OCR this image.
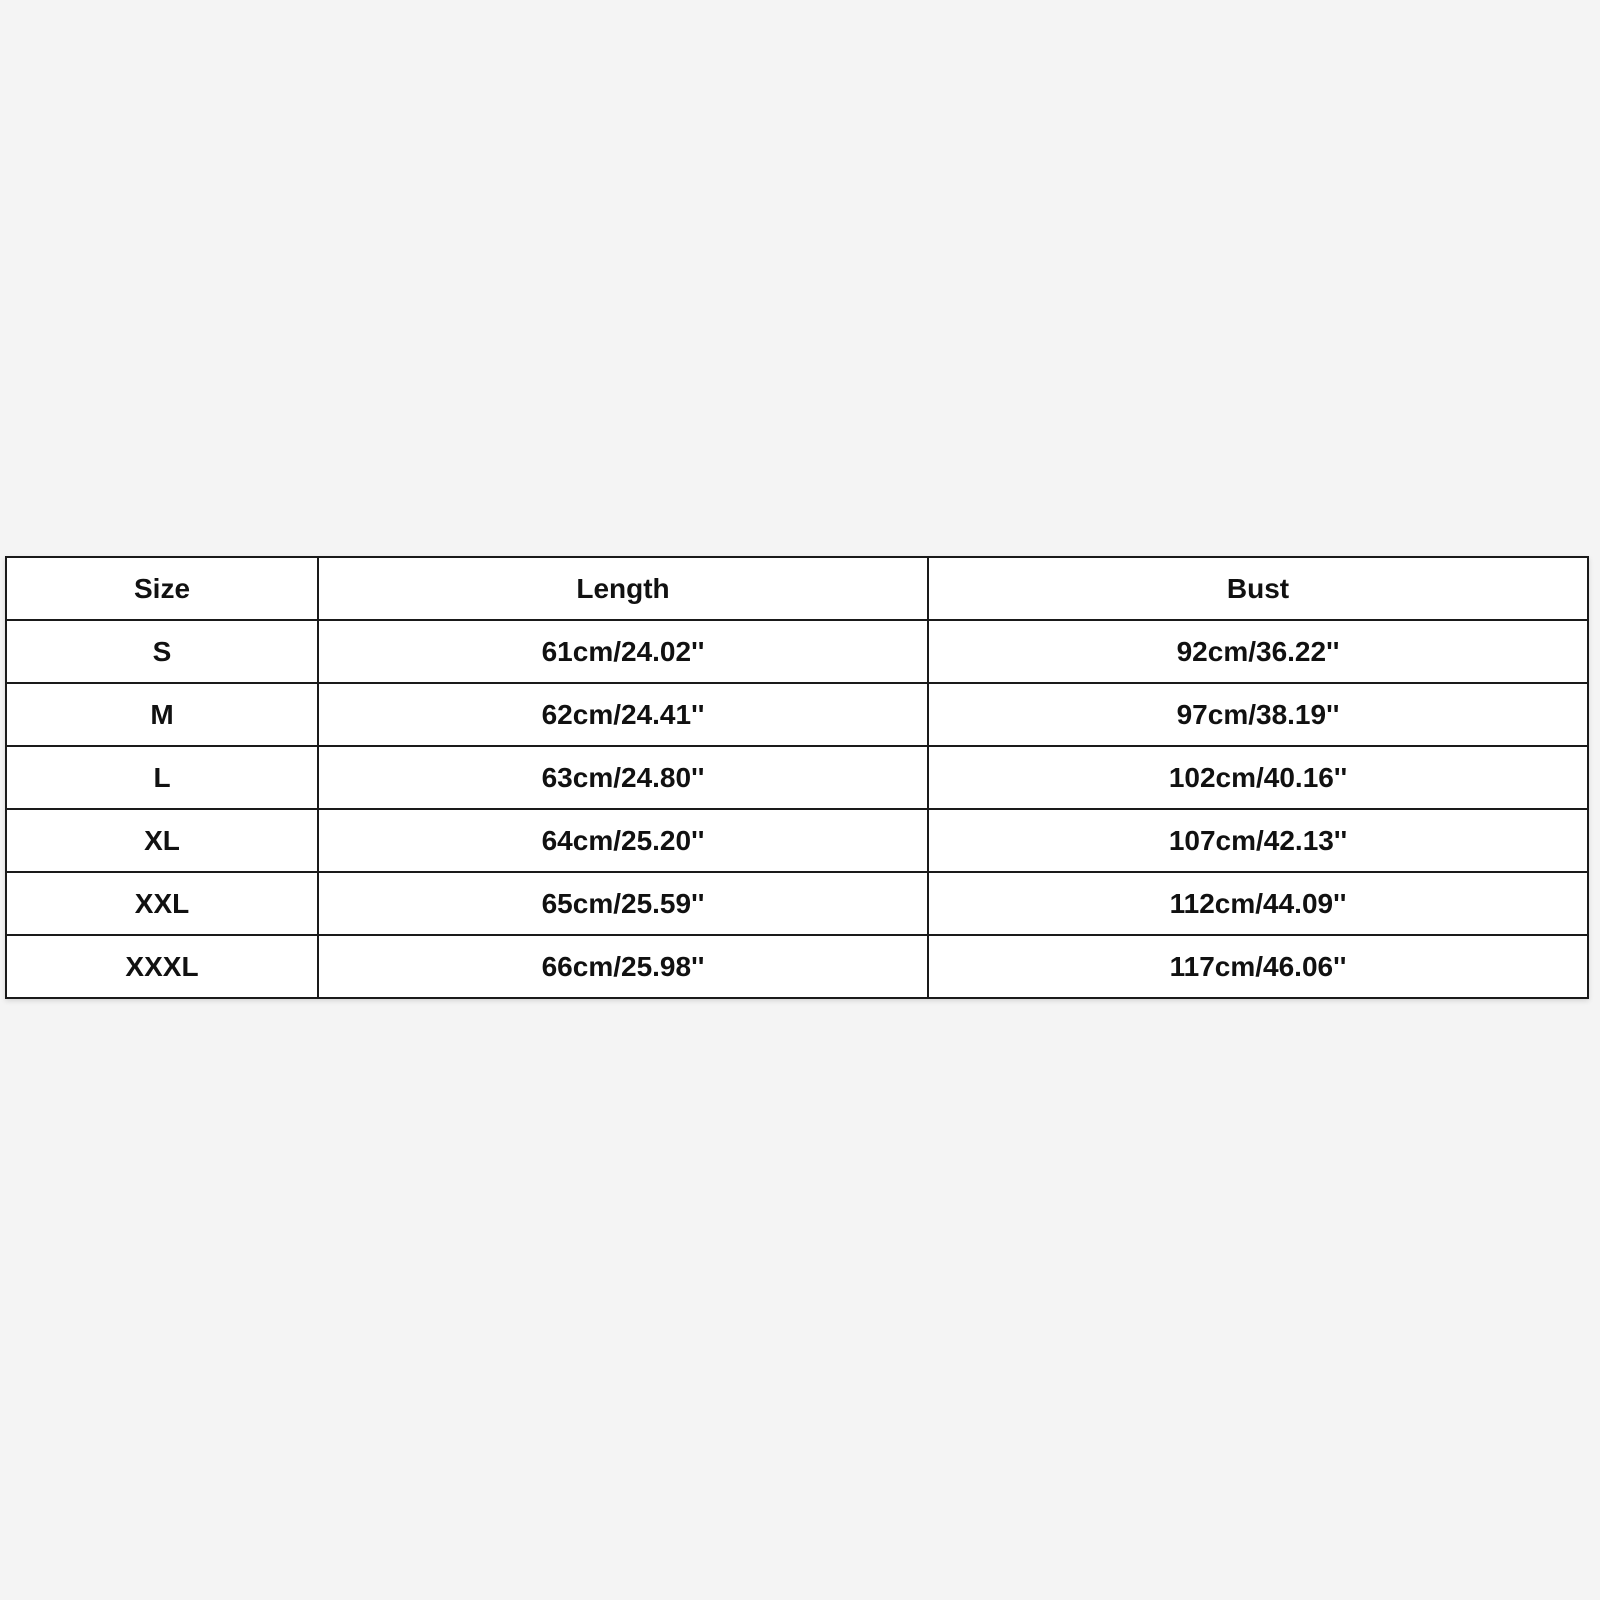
Size	Length	Bust
S	61cm/24.02''	92cm/36.22''
M	62cm/24.41''	97cm/38.19''
L	63cm/24.80''	102cm/40.16''
XL	64cm/25.20''	107cm/42.13''
XXL	65cm/25.59''	112cm/44.09''
XXXL	66cm/25.98''	117cm/46.06''
